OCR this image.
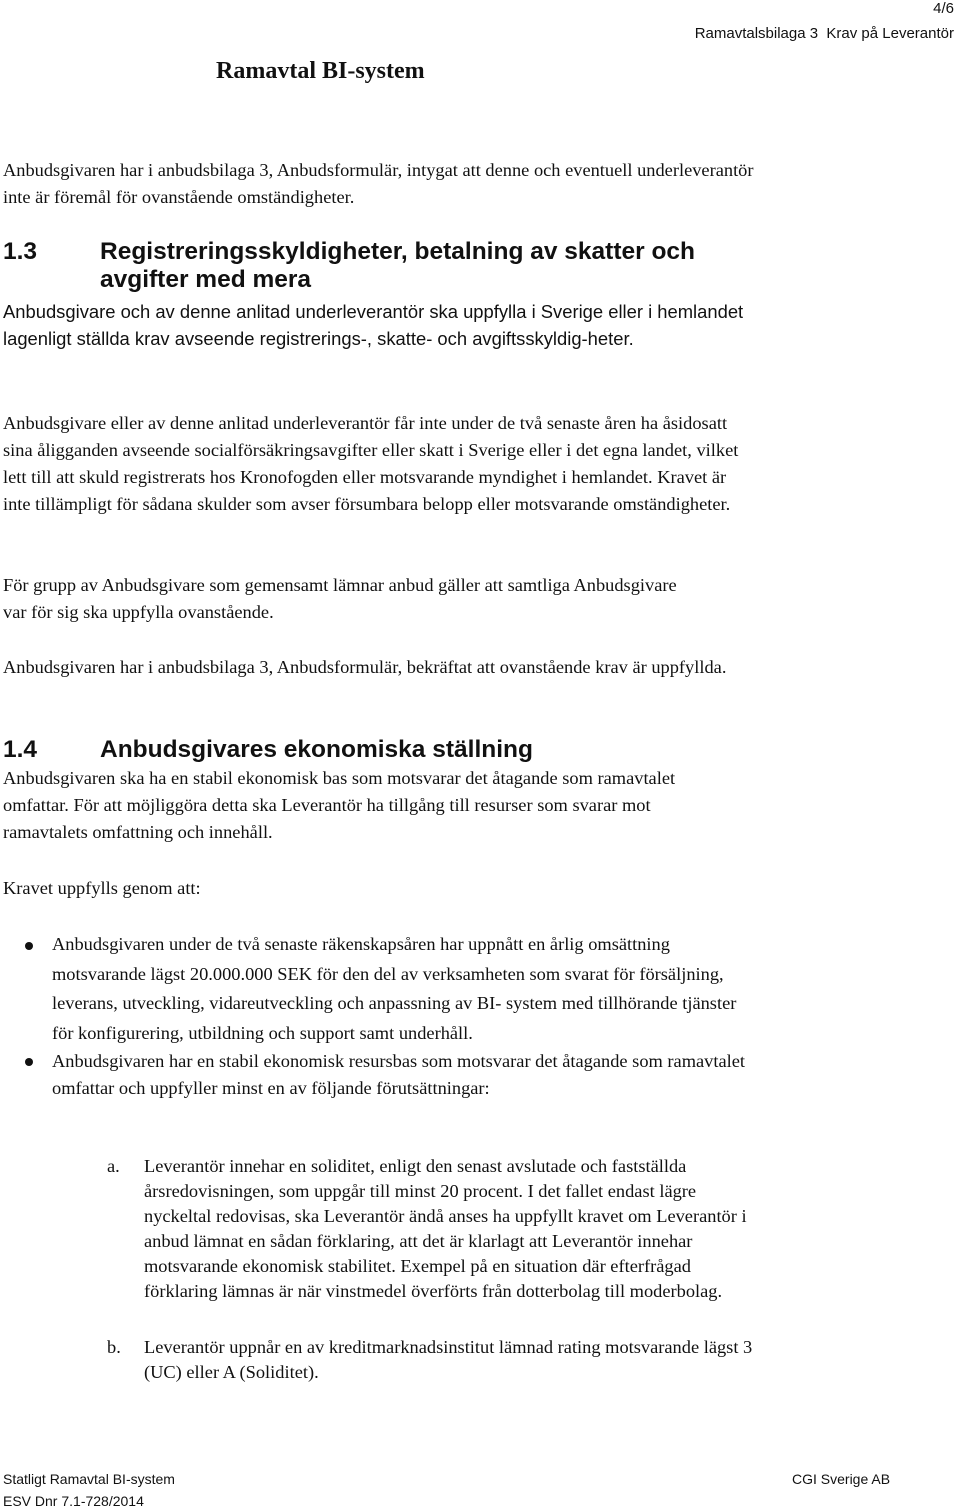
4/6
Ramavtalsbilaga 3  Krav på Leverantör
Ramavtal BI-system

Anbudsgivaren har i anbudsbilaga 3, Anbudsformulär, intygat att denne och eventuell underleverantör inte är föremål för ovanstående omständigheter.

1.3	Registreringsskyldigheter, betalning av skatter och avgifter med mera

Anbudsgivare och av denne anlitad underleverantör ska uppfylla i Sverige eller i hemlandet lagenligt ställda krav avseende registrerings-, skatte- och avgiftsskyldig-heter.

Anbudsgivare eller av denne anlitad underleverantör får inte under de två senaste åren ha åsidosatt sina åligganden avseende socialförsäkringsavgifter eller skatt i Sverige eller i det egna landet, vilket lett till att skuld registrerats hos Kronofogden eller motsvarande myndighet i hemlandet. Kravet är inte tillämpligt för sådana skulder som avser försumbara belopp eller motsvarande omständigheter.

För grupp av Anbudsgivare som gemensamt lämnar anbud gäller att samtliga Anbudsgivare var för sig ska uppfylla ovanstående.

Anbudsgivaren har i anbudsbilaga 3, Anbudsformulär, bekräftat att ovanstående krav är uppfyllda.

1.4	Anbudsgivares ekonomiska ställning

Anbudsgivaren ska ha en stabil ekonomisk bas som motsvarar det åtagande som ramavtalet omfattar. För att möjliggöra detta ska Leverantör ha tillgång till resurser som svarar mot ramavtalets omfattning och innehåll.

Kravet uppfylls genom att:

Anbudsgivaren under de två senaste räkenskapsåren har uppnått en årlig omsättning motsvarande lägst 20.000.000 SEK för den del av verksamheten som svarat för försäljning, leverans, utveckling, vidareutveckling och anpassning av BI- system med tillhörande tjänster för konfigurering, utbildning och support samt underhåll.
Anbudsgivaren har en stabil ekonomisk resursbas som motsvarar det åtagande som ramavtalet omfattar och uppfyller minst en av följande förutsättningar:
a. Leverantör innehar en soliditet, enligt den senast avslutade och fastställda årsredovisningen, som uppgår till minst 20 procent. I det fallet endast lägre nyckeltal redovisas, ska Leverantör ändå anses ha uppfyllt kravet om Leverantör i anbud lämnat en sådan förklaring, att det är klarlagt att Leverantör innehar motsvarande ekonomisk stabilitet. Exempel på en situation där efterfrågad förklaring lämnas är när vinstmedel överförts från dotterbolag till moderbolag.
b. Leverantör uppnår en av kreditmarknadsinstitut lämnad rating motsvarande lägst 3 (UC) eller A (Soliditet).
Statligt Ramavtal BI-system
ESV Dnr 7.1-728/2014
CGI Sverige AB
